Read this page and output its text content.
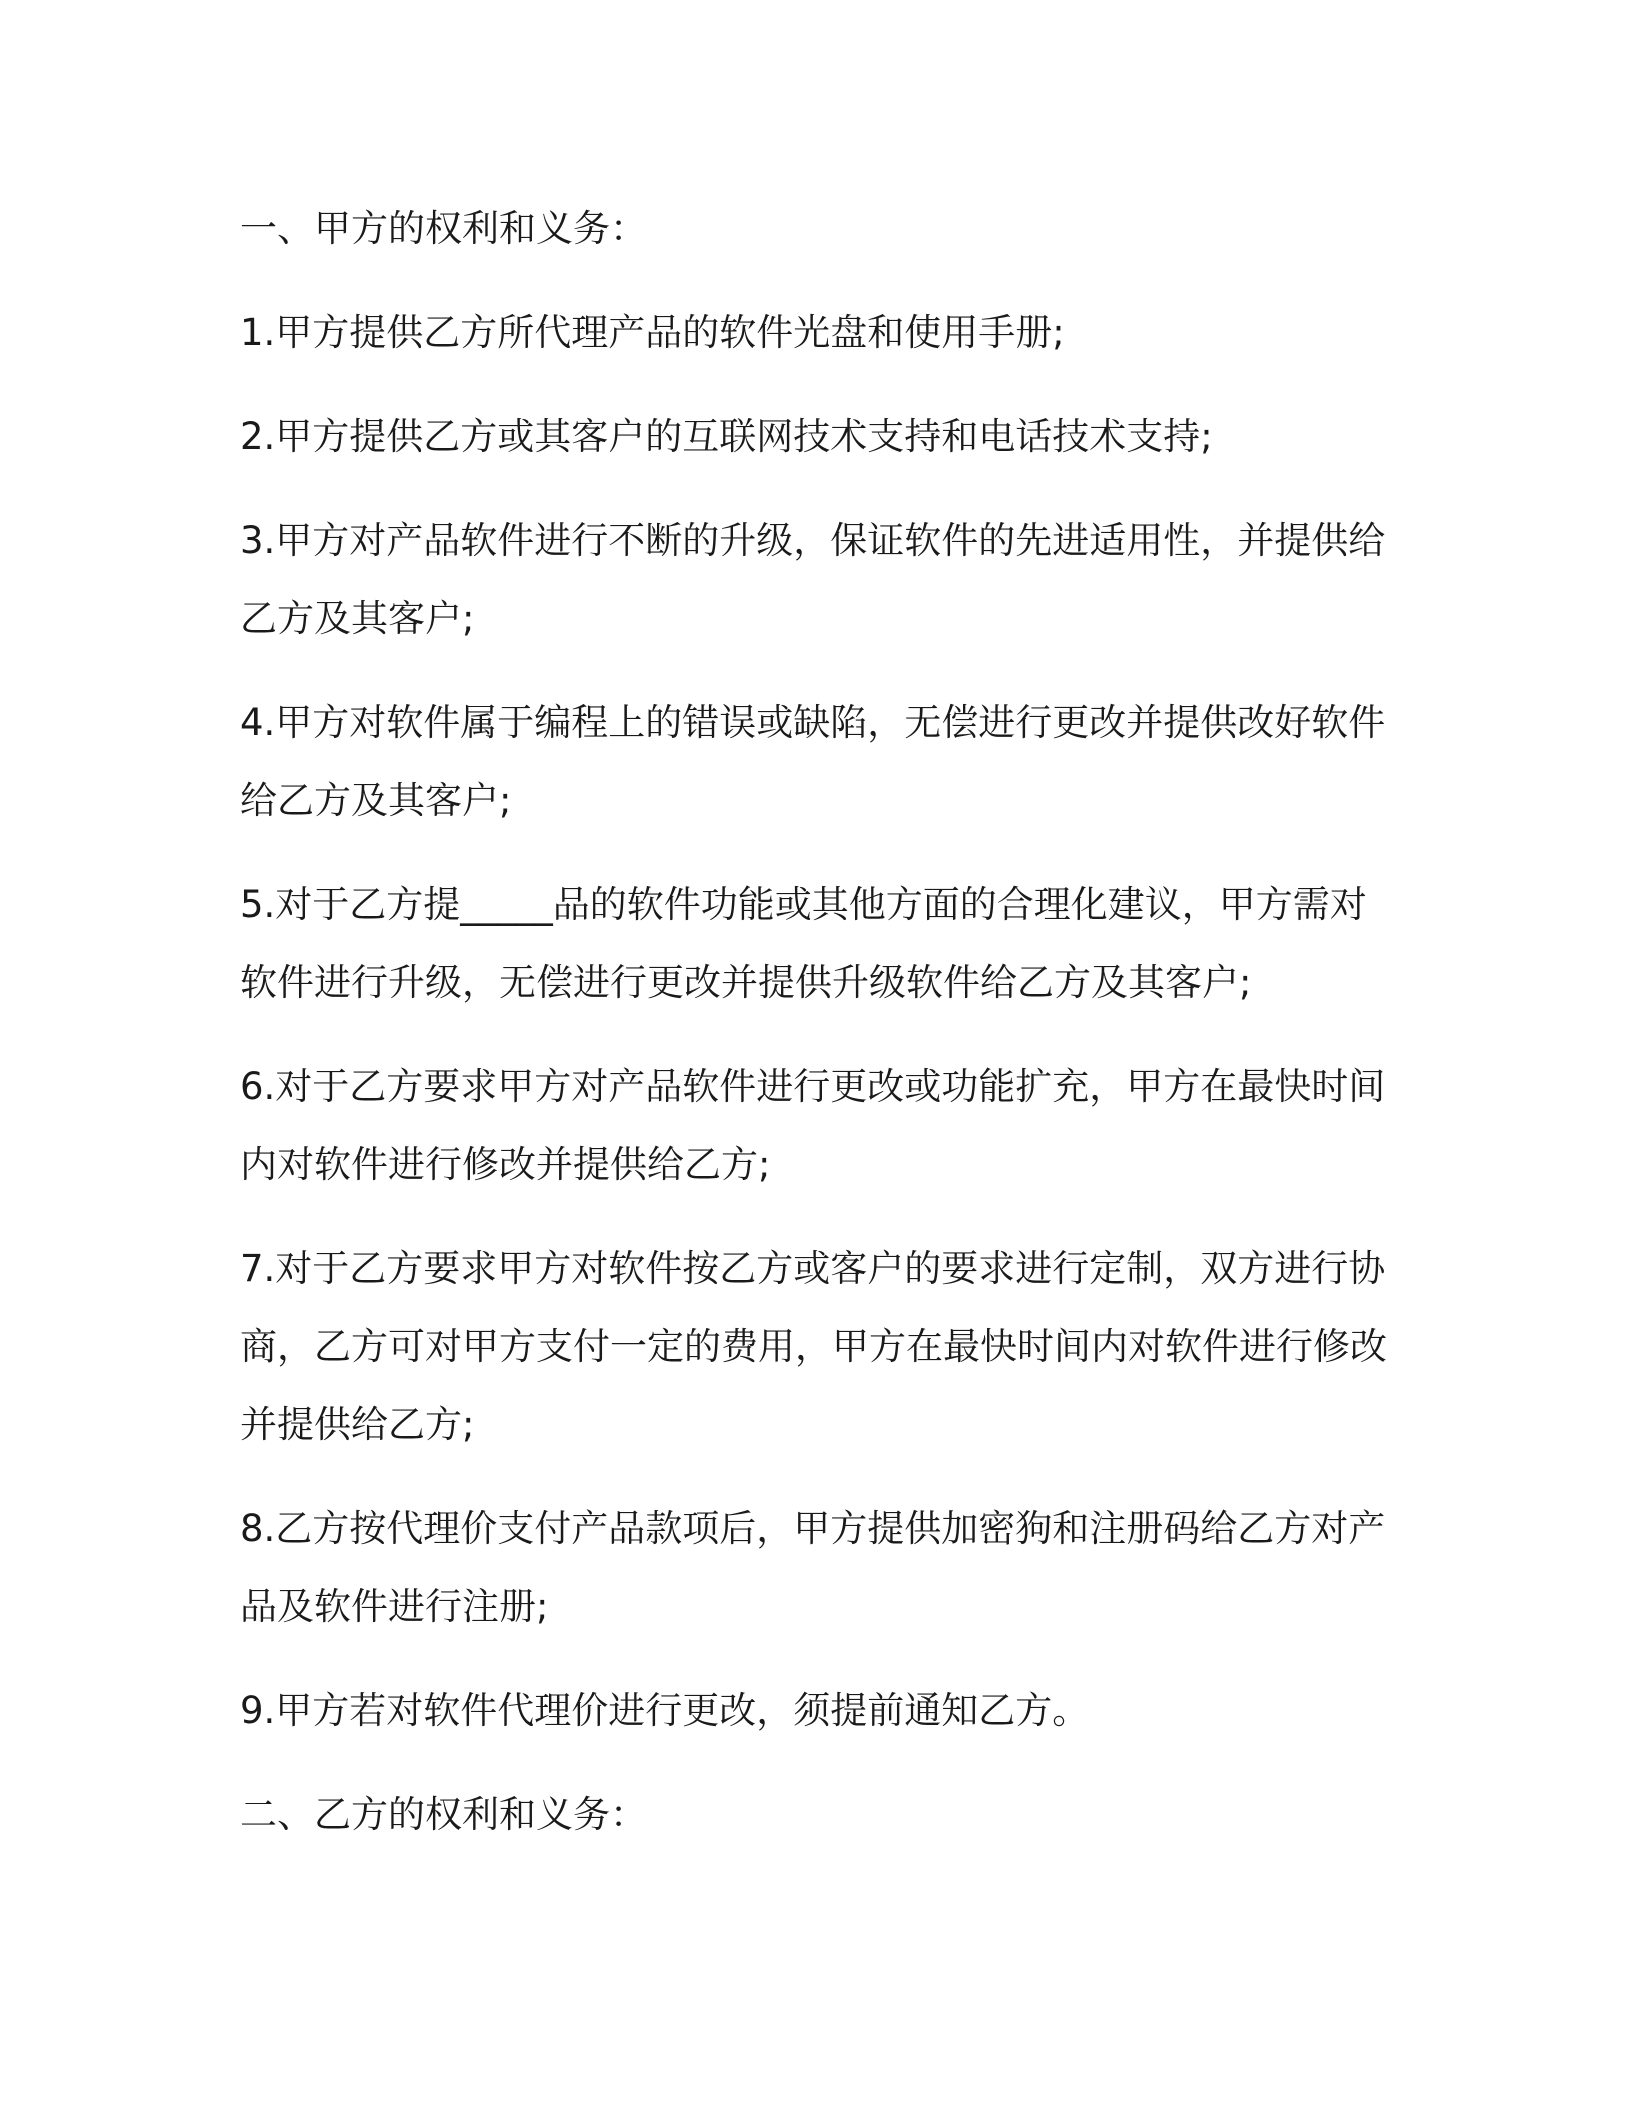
一、甲方的权利和义务：

1.甲方提供乙方所代理产品的软件光盘和使用手册;

2.甲方提供乙方或其客户的互联网技术支持和电话技术支持;

3.甲方对产品软件进行不断的升级，保证软件的先进适用性，并提供给乙方及其客户;

4.甲方对软件属于编程上的错误或缺陷，无偿进行更改并提供改好软件给乙方及其客户;

5.对于乙方提_____品的软件功能或其他方面的合理化建议，甲方需对软件进行升级，无偿进行更改并提供升级软件给乙方及其客户;

6.对于乙方要求甲方对产品软件进行更改或功能扩充，甲方在最快时间内对软件进行修改并提供给乙方;

7.对于乙方要求甲方对软件按乙方或客户的要求进行定制，双方进行协商，乙方可对甲方支付一定的费用，甲方在最快时间内对软件进行修改并提供给乙方;

8.乙方按代理价支付产品款项后，甲方提供加密狗和注册码给乙方对产品及软件进行注册;

9.甲方若对软件代理价进行更改，须提前通知乙方。

二、乙方的权利和义务：
